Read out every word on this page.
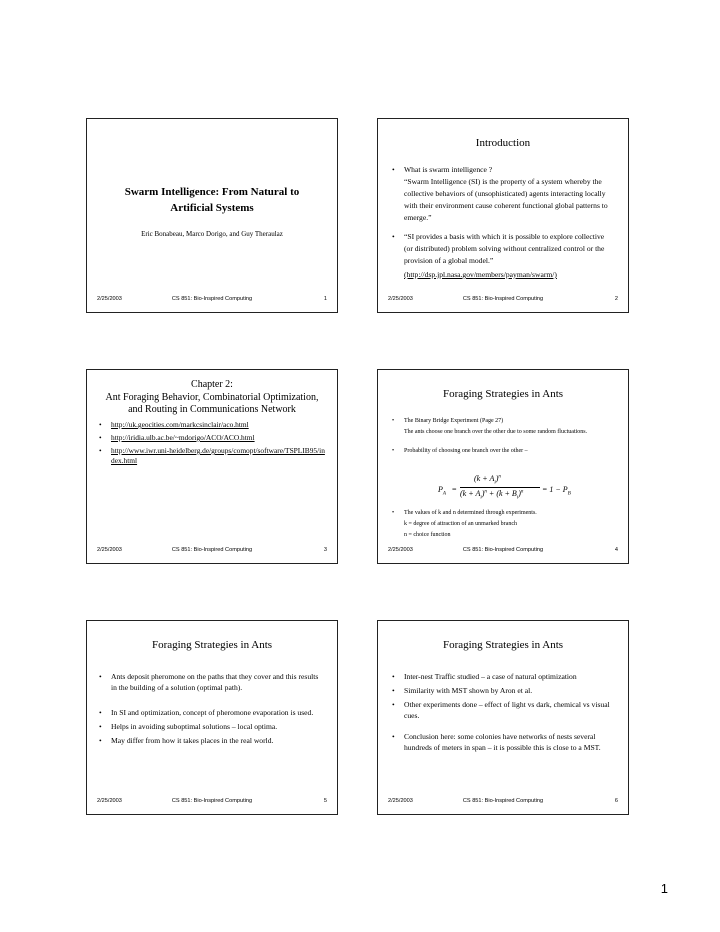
Swarm Intelligence: From Natural to Artificial Systems
Eric Bonabeau, Marco Dorigo, and Guy Theraulaz
2/25/2003	CS 851: Bio-Inspired Computing	1
Introduction
• What is swarm intelligence ?
“Swarm Intelligence (SI) is the property of a system whereby the collective behaviors of (unsophisticated) agents interacting locally with their environment cause coherent functional global patterns to emerge.”
• “SI provides a basis with which it is possible to explore collective (or distributed) problem solving without centralized control or the provision of a global model.”
(http://dsp.jpl.nasa.gov/members/payman/swarm/)
2/25/2003	CS 851: Bio-Inspired Computing	2
Chapter 2:
Ant Foraging Behavior, Combinatorial Optimization, and Routing in Communications Network
• http://uk.geocities.com/markcsinclair/aco.html
• http://iridia.ulb.ac.be/~mdorigo/ACO/ACO.html
• http://www.iwr.uni-heidelberg.de/groups/comopt/software/TSPLIB95/index.html
2/25/2003	CS 851: Bio-Inspired Computing	3
Foraging Strategies in Ants
• The Binary Bridge Experiment (Page 27)
The ants choose one branch over the other due to some random fluctuations.
• Probability of choosing one branch over the other –
$P_A$
=
$(k + A_i)^n$
$(k + A_i)^n + (k + B_i)^n = 1 - P_B$
• The values of k and n determined through experiments.
k = degree of attraction of an unmarked branch
n = choice function
2/25/2003	CS 851: Bio-Inspired Computing	4
Foraging Strategies in Ants
• Ants deposit pheromone on the paths that they cover and this results in the building of a solution (optimal path).
• In SI and optimization, concept of pheromone evaporation is used.
• Helps in avoiding suboptimal solutions – local optima.
• May differ from how it takes places in the real world.
2/25/2003	CS 851: Bio-Inspired Computing	5
Foraging Strategies in Ants
• Inter-nest Traffic studied – a case of natural optimization
• Similarity with MST shown by Aron et al.
• Other experiments done – effect of light vs dark, chemical vs visual cues.
• Conclusion here: some colonies have networks of nests several hundreds of meters in span – it is possible this is close to a MST.
2/25/2003	CS 851: Bio-Inspired Computing	6
1
